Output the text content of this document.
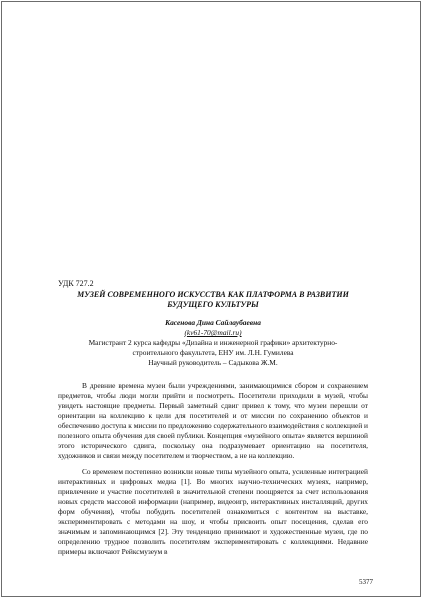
УДК 727.2

МУЗЕЙ СОВРЕМЕННОГО ИСКУССТВА КАК ПЛАТФОРМА В РАЗВИТИИ
БУДУЩЕГО КУЛЬТУРЫ
Касенова Дина Сайлаубаевна
(kv61-70@mail.ru)
Магистрант 2 курса кафедры «Дизайна и инженерной графики» архитектурно-
строительного факультета, ЕНУ им. Л.Н. Гумилева
Научный руководитель – Садыкова Ж.М.

В древние времена музеи были учреждениями, занимающимися сбором и сохранением предметов, чтобы люди могли прийти и посмотреть. Посетители приходили в музей, чтобы увидеть настоящие предметы. Первый заметный сдвиг привел к тому, что музеи перешли от ориентации на коллекцию к цели для посетителей и от миссии по сохранению объектов и обеспечению доступа к миссии по предложению содержательного взаимодействия с коллекцией и полезного опыта обучения для своей публики. Концепция «музейного опыта» является вершиной этого исторического сдвига, поскольку она подразумевает ориентацию на посетителя, художников и связи между посетителем и творчеством, а не на коллекцию.

Со временем постепенно возникли новые типы музейного опыта, усиленные интеграцией интерактивных и цифровых медиа [1]. Во многих научно-технических музеях, например, привлечение и участие посетителей в значительной степени поощряется за счет использования новых средств массовой информации (например, видеоигр, интерактивных инсталляций, других форм обучения), чтобы побудить посетителей ознакомиться с контентом на выставке, экспериментировать с методами на шоу, и чтобы присвоить опыт посещения, сделав его значимым и запоминающимся [2]. Эту тенденцию принимают и художественные музеи, где по определению трудное позволить посетителям экспериментировать с коллекциями. Недавние примеры включают Рейксмузеум в

5377
